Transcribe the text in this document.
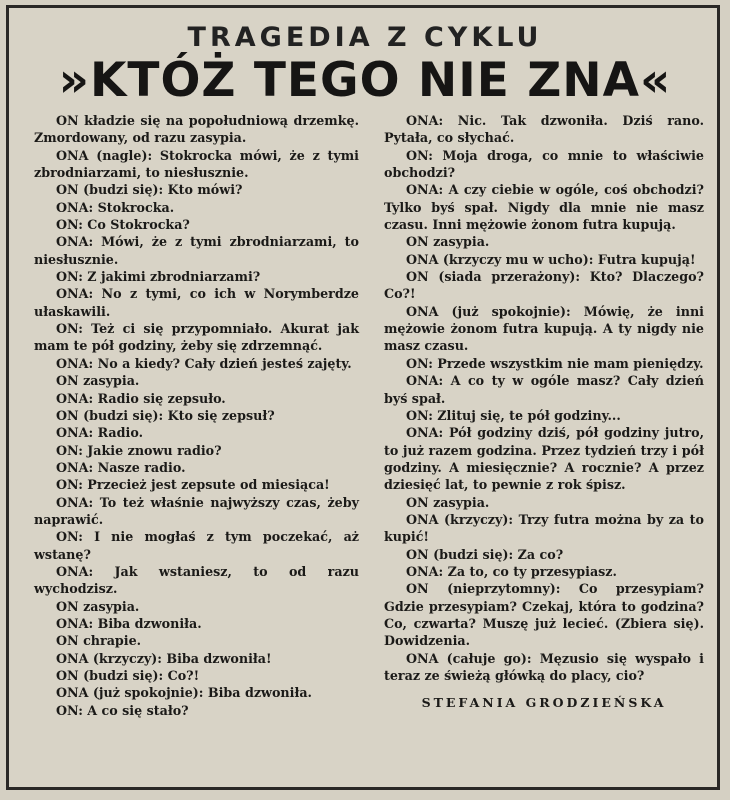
TRAGEDIA Z CYKLU
»KTÓŻ TEGO NIE ZNA«

ON kładzie się na popołudniową drzemkę. Zmordowany, od razu zasypia.

ONA (nagle): Stokrocka mówi, że z tymi zbrodniarzami, to niesłusznie.

ON (budzi się): Kto mówi?

ONA: Stokrocka.

ON: Co Stokrocka?

ONA: Mówi, że z tymi zbrodniarzami, to niesłusznie.

ON: Z jakimi zbrodniarzami?

ONA: No z tymi, co ich w Norymberdze ułaskawili.

ON: Też ci się przypomniało. Akurat jak mam te pół godziny, żeby się zdrzemnąć.

ONA: No a kiedy? Cały dzień jesteś zajęty.

ON zasypia.

ONA: Radio się zepsuło.

ON (budzi się): Kto się zepsuł?

ONA: Radio.

ON: Jakie znowu radio?

ONA: Nasze radio.

ON: Przecież jest zepsute od miesiąca!

ONA: To też właśnie najwyższy czas, żeby naprawić.

ON: I nie mogłaś z tym poczekać, aż wstanę?

ONA: Jak wstaniesz, to od razu wychodzisz.

ON zasypia.

ONA: Biba dzwoniła.

ON chrapie.

ONA (krzyczy): Biba dzwoniła!

ON (budzi się): Co?!

ONA (już spokojnie): Biba dzwoniła.

ON: A co się stało?

ONA: Nic. Tak dzwoniła. Dziś rano. Pytała, co słychać.

ON: Moja droga, co mnie to właściwie obchodzi?

ONA: A czy ciebie w ogóle, coś obchodzi? Tylko byś spał. Nigdy dla mnie nie masz czasu. Inni mężowie żonom futra kupują.

ON zasypia.

ONA (krzyczy mu w ucho): Futra kupują!

ON (siada przerażony): Kto? Dlaczego? Co?!

ONA (już spokojnie): Mówię, że inni mężowie żonom futra kupują. A ty nigdy nie masz czasu.

ON: Przede wszystkim nie mam pieniędzy.

ONA: A co ty w ogóle masz? Cały dzień byś spał.

ON: Zlituj się, te pół godziny...

ONA: Pół godziny dziś, pół godziny jutro, to już razem godzina. Przez tydzień trzy i pół godziny. A miesięcznie? A rocznie? A przez dziesięć lat, to pewnie z rok śpisz.

ON zasypia.

ONA (krzyczy): Trzy futra można by za to kupić!

ON (budzi się): Za co?

ONA: Za to, co ty przesypiasz.

ON (nieprzytomny): Co przesypiam? Gdzie przesypiam? Czekaj, która to godzina? Co, czwarta? Muszę już lecieć. (Zbiera się). Dowidzenia.

ONA (całuje go): Męzusio się wyspało i teraz ze świeżą główką do placy, cio?

STEFANIA GRODZIEŃSKA
